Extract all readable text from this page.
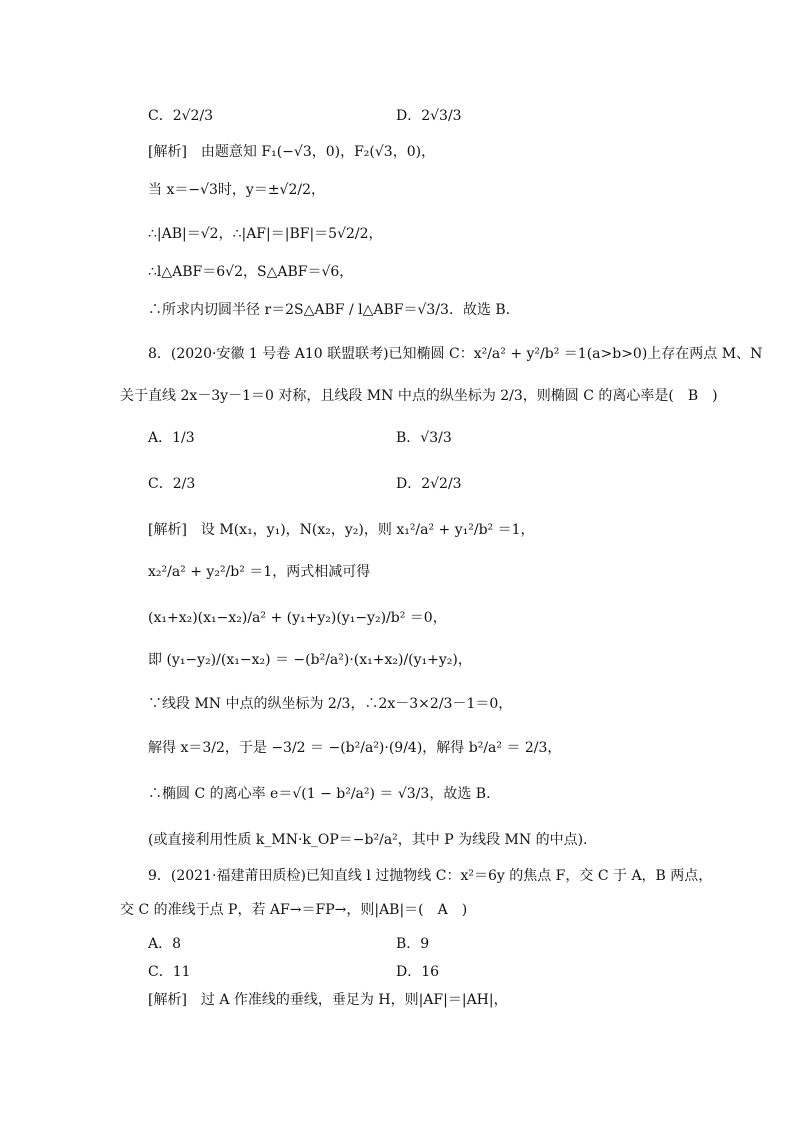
C．2√2/3	D．2√3/3
[解析]　由题意知 F₁(−√3，0)，F₂(√3，0)，
当 x＝−√3时，y＝±√2/2，
∴|AB|＝√2，∴|AF|＝|BF|＝5√2/2，
∴l△ABF＝6√2，S△ABF＝√6，
∴所求内切圆半径 r＝2S△ABF / l△ABF＝√3/3．故选 B.
8．(2020·安徽 1 号卷 A10 联盟联考)已知椭圆 C：x²/a² + y²/b² ＝1(a>b>0)上存在两点 M、N
关于直线 2x－3y－1＝0 对称，且线段 MN 中点的纵坐标为 2/3，则椭圆 C 的离心率是(　B　)
A．1/3	B．√3/3
C．2/3	D．2√2/3
[解析]　设 M(x₁，y₁)，N(x₂，y₂)，则 x₁²/a² + y₁²/b² ＝1，
x₂²/a² + y₂²/b² ＝1，两式相减可得
(x₁+x₂)(x₁−x₂)/a² + (y₁+y₂)(y₁−y₂)/b² ＝0，
即 (y₁−y₂)/(x₁−x₂) ＝ −(b²/a²)·(x₁+x₂)/(y₁+y₂)，
∵线段 MN 中点的纵坐标为 2/3，∴2x－3×2/3－1＝0，
解得 x＝3/2，于是 −3/2 ＝ −(b²/a²)·(9/4)，解得 b²/a² ＝ 2/3，
∴椭圆 C 的离心率 e＝√(1 − b²/a²) ＝ √3/3，故选 B.
(或直接利用性质 k_MN·k_OP＝−b²/a²，其中 P 为线段 MN 的中点).
9．(2021·福建莆田质检)已知直线 l 过抛物线 C：x²＝6y 的焦点 F，交 C 于 A，B 两点，
交 C 的准线于点 P，若 AF→＝FP→，则|AB|＝(　A　)
A．8	B．9
C．11	D．16
[解析]　过 A 作准线的垂线，垂足为 H，则|AF|＝|AH|，
